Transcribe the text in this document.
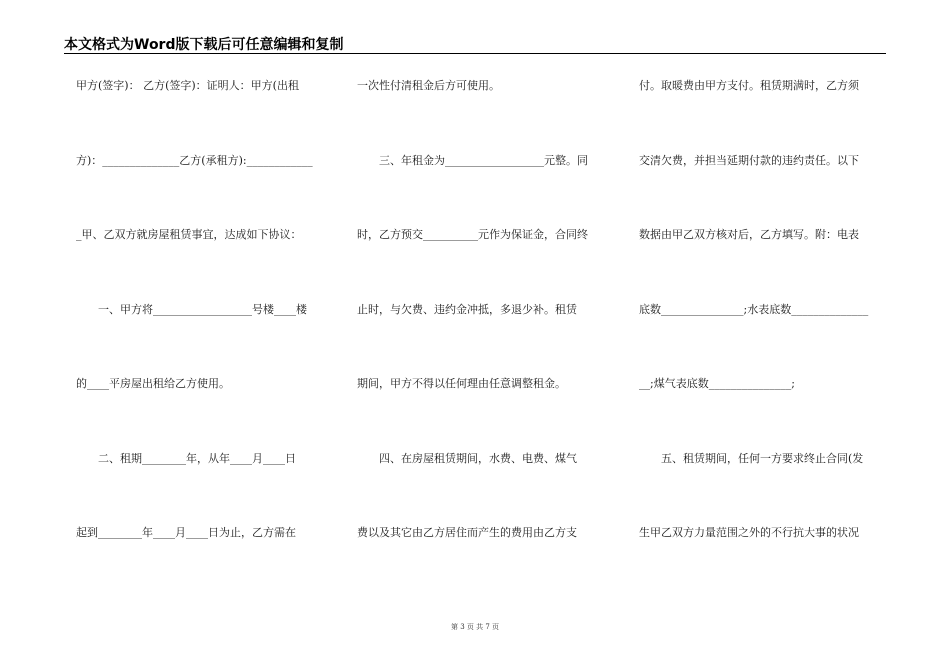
本文格式为Word版下载后可任意编辑和复制
甲方(签字)： 乙方(签字)：证明人：甲方(出租
方)：______________乙方(承租方):____________
_甲、乙双方就房屋租赁事宜，达成如下协议：
　　一、甲方将__________________号楼____楼
的____平房屋出租给乙方使用。
　　二、租期________年，从年____月____日
起到________年____月____日为止，乙方需在
一次性付清租金后方可使用。
　　三、年租金为__________________元整。同
时，乙方预交__________元作为保证金，合同终
止时，与欠费、违约金冲抵，多退少补。租赁
期间，甲方不得以任何理由任意调整租金。
　　四、在房屋租赁期间，水费、电费、煤气
费以及其它由乙方居住而产生的费用由乙方支
付。取暖费由甲方支付。租赁期满时，乙方须
交清欠费，并担当延期付款的违约责任。以下
数据由甲乙双方核对后，乙方填写。附：电表
底数_______________;水表底数______________
__;煤气表底数_______________;
　　五、租赁期间，任何一方要求终止合同(发
生甲乙双方力量范围之外的不行抗大事的状况
第 3 页 共 7 页
